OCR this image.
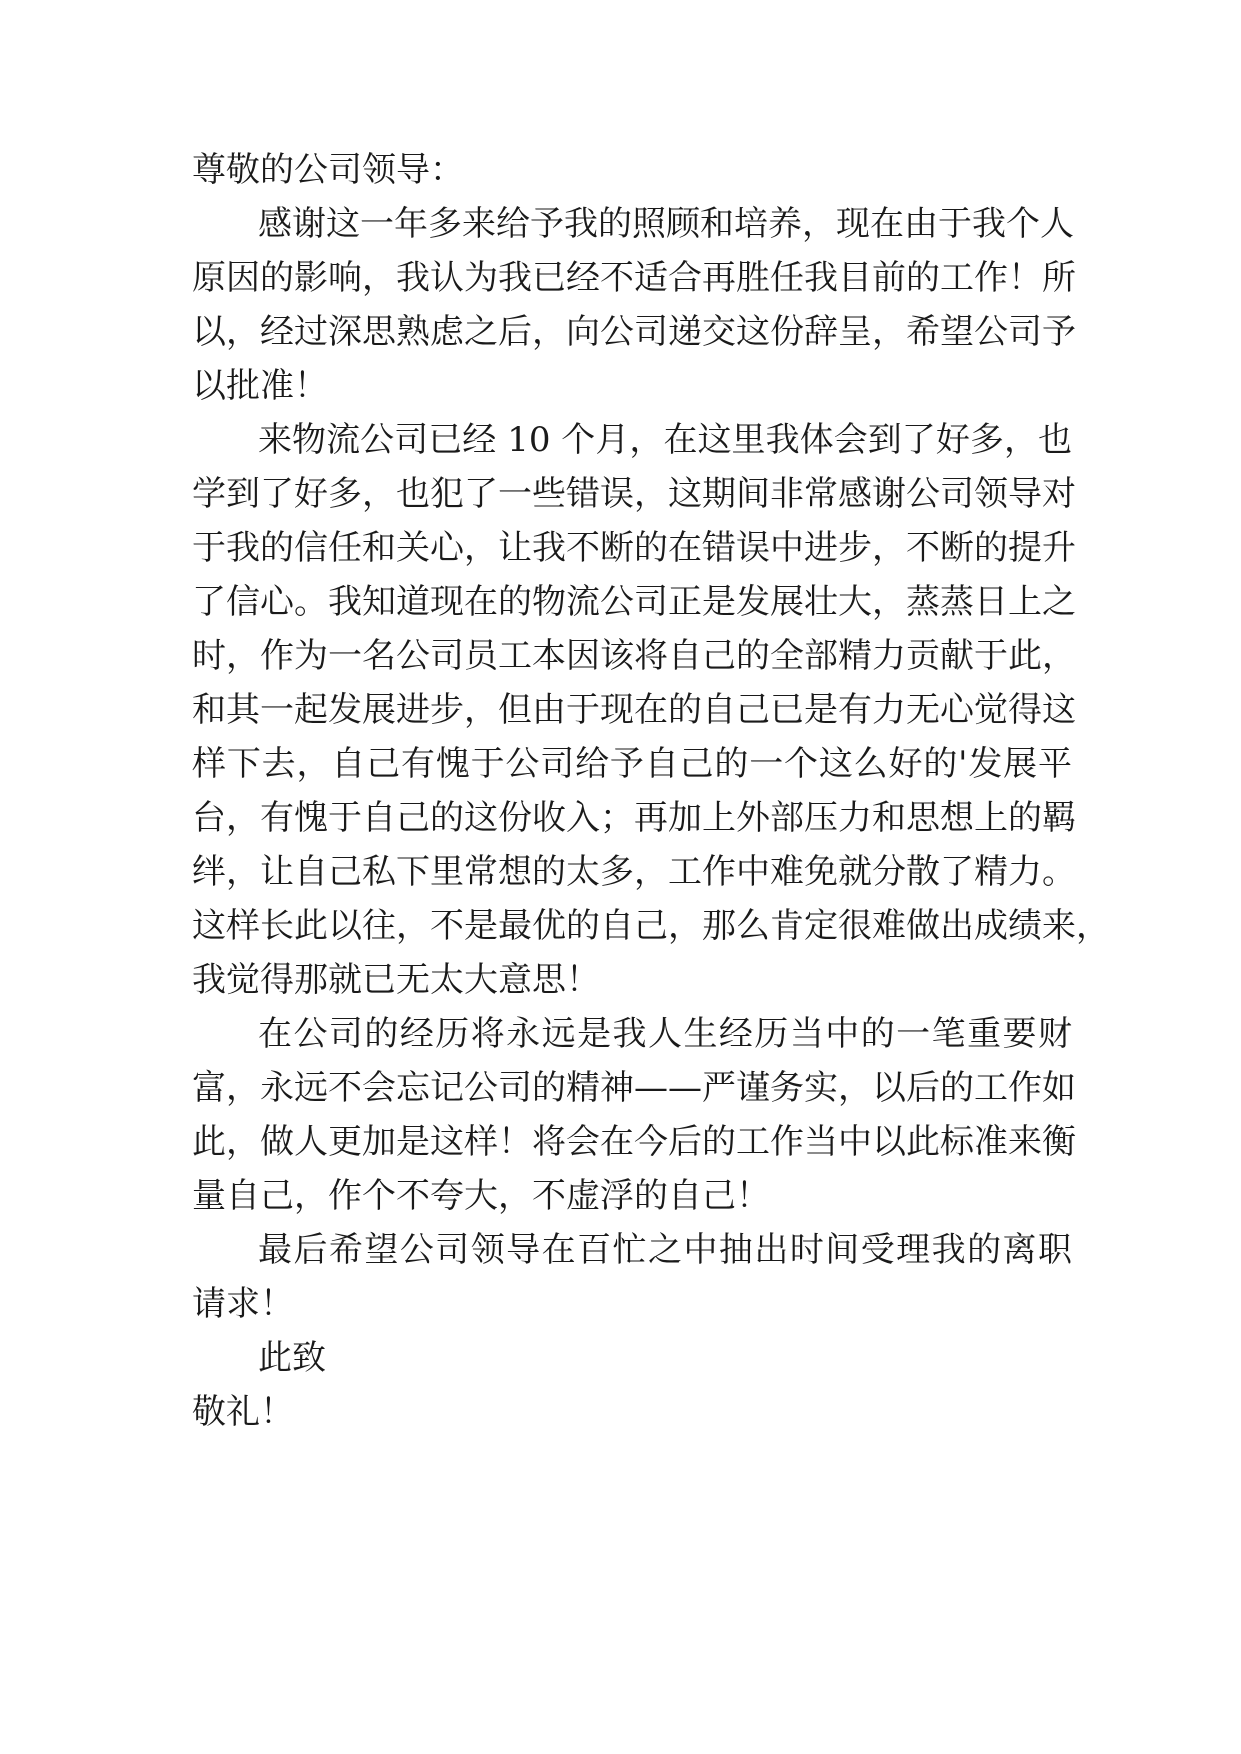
尊敬的公司领导：
感谢这一年多来给予我的照顾和培养，现在由于我个人
原因的影响，我认为我已经不适合再胜任我目前的工作！所
以，经过深思熟虑之后，向公司递交这份辞呈，希望公司予
以批准！
来物流公司已经 10 个月，在这里我体会到了好多，也
学到了好多，也犯了一些错误，这期间非常感谢公司领导对
于我的信任和关心，让我不断的在错误中进步，不断的提升
了信心。我知道现在的物流公司正是发展壮大，蒸蒸日上之
时，作为一名公司员工本因该将自己的全部精力贡献于此，
和其一起发展进步，但由于现在的自己已是有力无心觉得这
样下去，自己有愧于公司给予自己的一个这么好的'发展平
台，有愧于自己的这份收入；再加上外部压力和思想上的羁
绊，让自己私下里常想的太多，工作中难免就分散了精力。
这样长此以往，不是最优的自己，那么肯定很难做出成绩来，
我觉得那就已无太大意思！
在公司的经历将永远是我人生经历当中的一笔重要财
富，永远不会忘记公司的精神——严谨务实，以后的工作如
此，做人更加是这样！将会在今后的工作当中以此标准来衡
量自己，作个不夸大，不虚浮的自己！
最后希望公司领导在百忙之中抽出时间受理我的离职
请求！
此致
敬礼！
